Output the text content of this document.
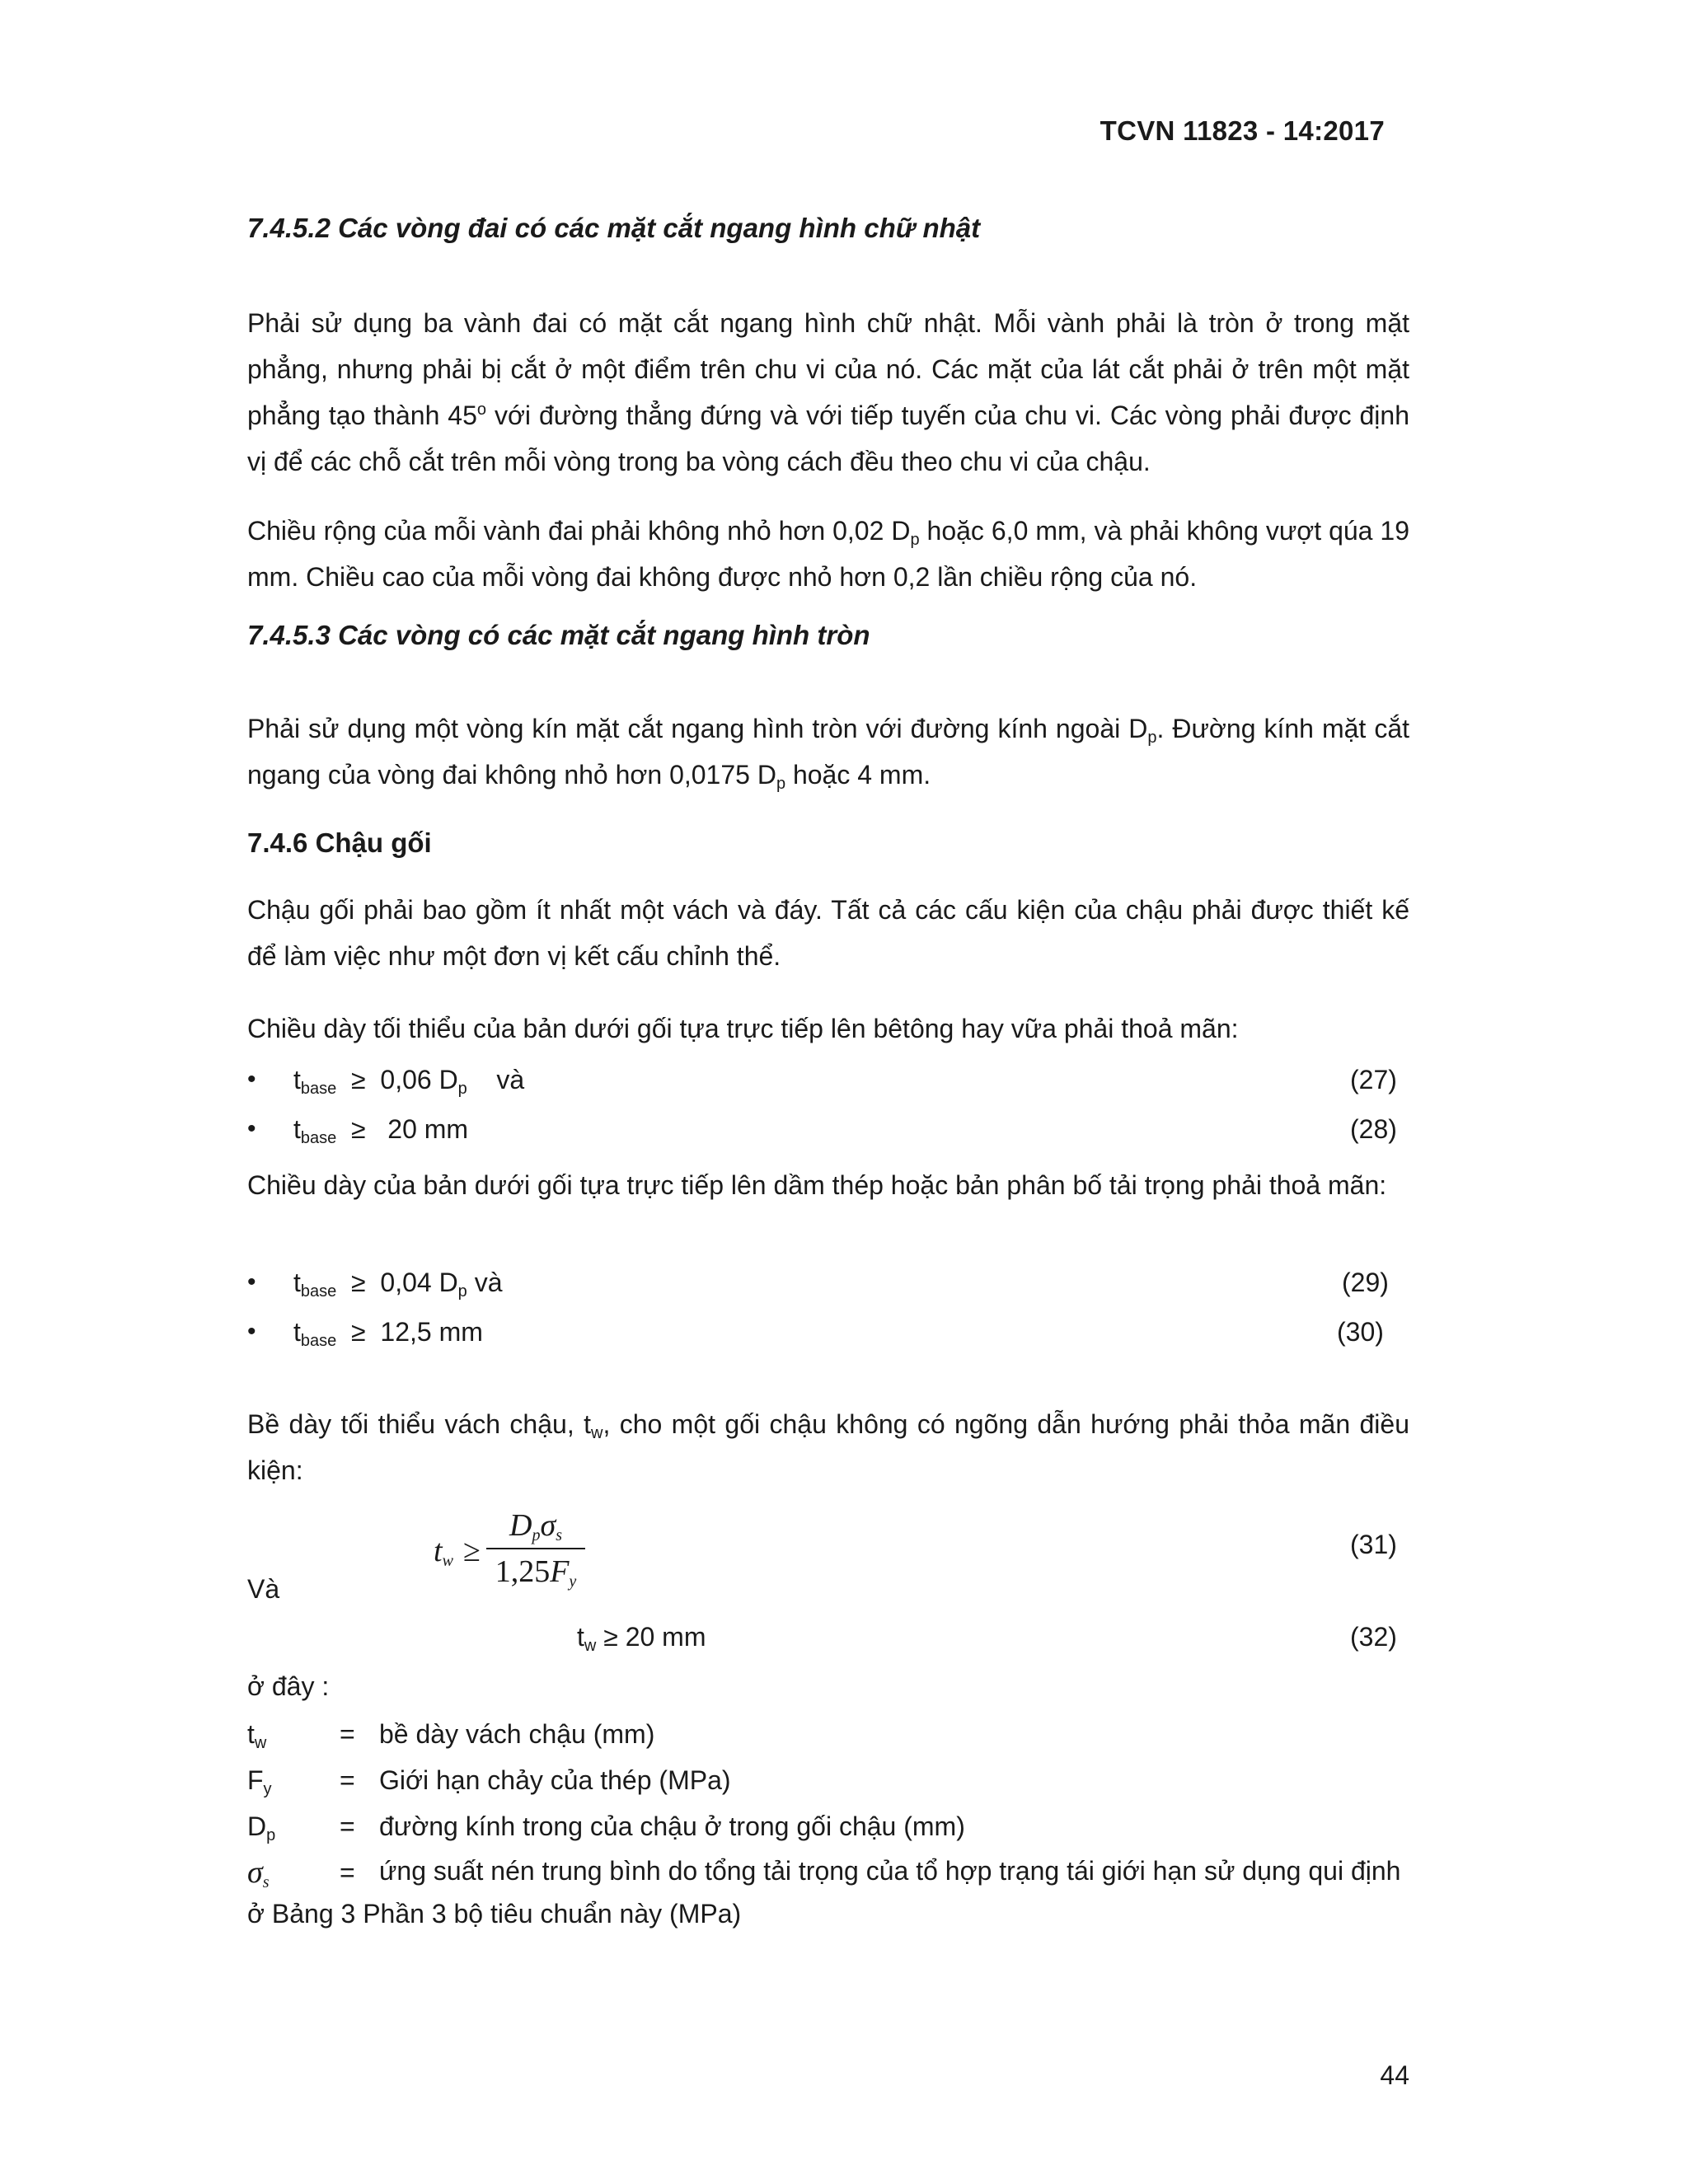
TCVN 11823 - 14:2017
7.4.5.2 Các vòng đai có các mặt cắt ngang hình chữ nhật
Phải sử dụng ba vành đai có mặt cắt ngang hình chữ nhật. Mỗi vành phải là tròn ở trong mặt phẳng, nhưng phải bị cắt ở một điểm trên chu vi của nó. Các mặt của lát cắt phải ở trên một mặt phẳng tạo thành 45$^o$ với đường thẳng đứng và với tiếp tuyến của chu vi. Các vòng phải được định vị để các chỗ cắt trên mỗi vòng trong ba vòng cách đều theo chu vi của chậu.
Chiều rộng của mỗi vành đai phải không nhỏ hơn 0,02 $D_p$ hoặc 6,0 mm, và phải không vượt qúa 19 mm. Chiều cao của mỗi vòng đai không được nhỏ hơn 0,2 lần chiều rộng của nó.
7.4.5.3 Các vòng có các mặt cắt ngang hình tròn
Phải sử dụng một vòng kín mặt cắt ngang hình tròn với đường kính ngoài $D_p$. Đường kính mặt cắt ngang của vòng đai không nhỏ hơn 0,0175 $D_p$ hoặc 4 mm.
7.4.6 Chậu gối
Chậu gối phải bao gồm ít nhất một vách và đáy. Tất cả các cấu kiện của chậu phải được thiết kế để làm việc như một đơn vị kết cấu chỉnh thể.
Chiều dày tối thiểu của bản dưới gối tựa trực tiếp lên bêtông hay vữa phải thoả mãn:
• $t_{base} \ge 0,06$ $D_p$    và	(27)
• $t_{base} \ge 20$ mm	(28)
Chiều dày của bản dưới gối tựa trực tiếp lên dầm thép hoặc bản phân bố tải trọng phải thoả mãn:
• $t_{base} \ge 0,04$ $D_p$ và	(29)
• $t_{base} \ge 12,5$ mm	(30)
Bề dày tối thiểu vách chậu, $t_w$, cho một gối chậu không có ngõng dẫn hướng phải thỏa mãn điều kiện:
$t_w$ ≥
$D_p\sigma_s$
$1,25F_y$
(31)
Và
$t_w \ge 20$ mm	(32)
ở đây :
$t_w$	= bề dày vách chậu (mm)
$F_y$	= Giới hạn chảy của thép (MPa)
$D_p$ = đường kính trong của chậu ở trong gối chậu (mm)
$\sigma_s$	= ứng suất nén trung bình do tổng tải trọng của tổ hợp trạng tái giới hạn sử dụng qui định ở Bảng 3 Phần 3 bộ tiêu chuẩn này (MPa)
44
